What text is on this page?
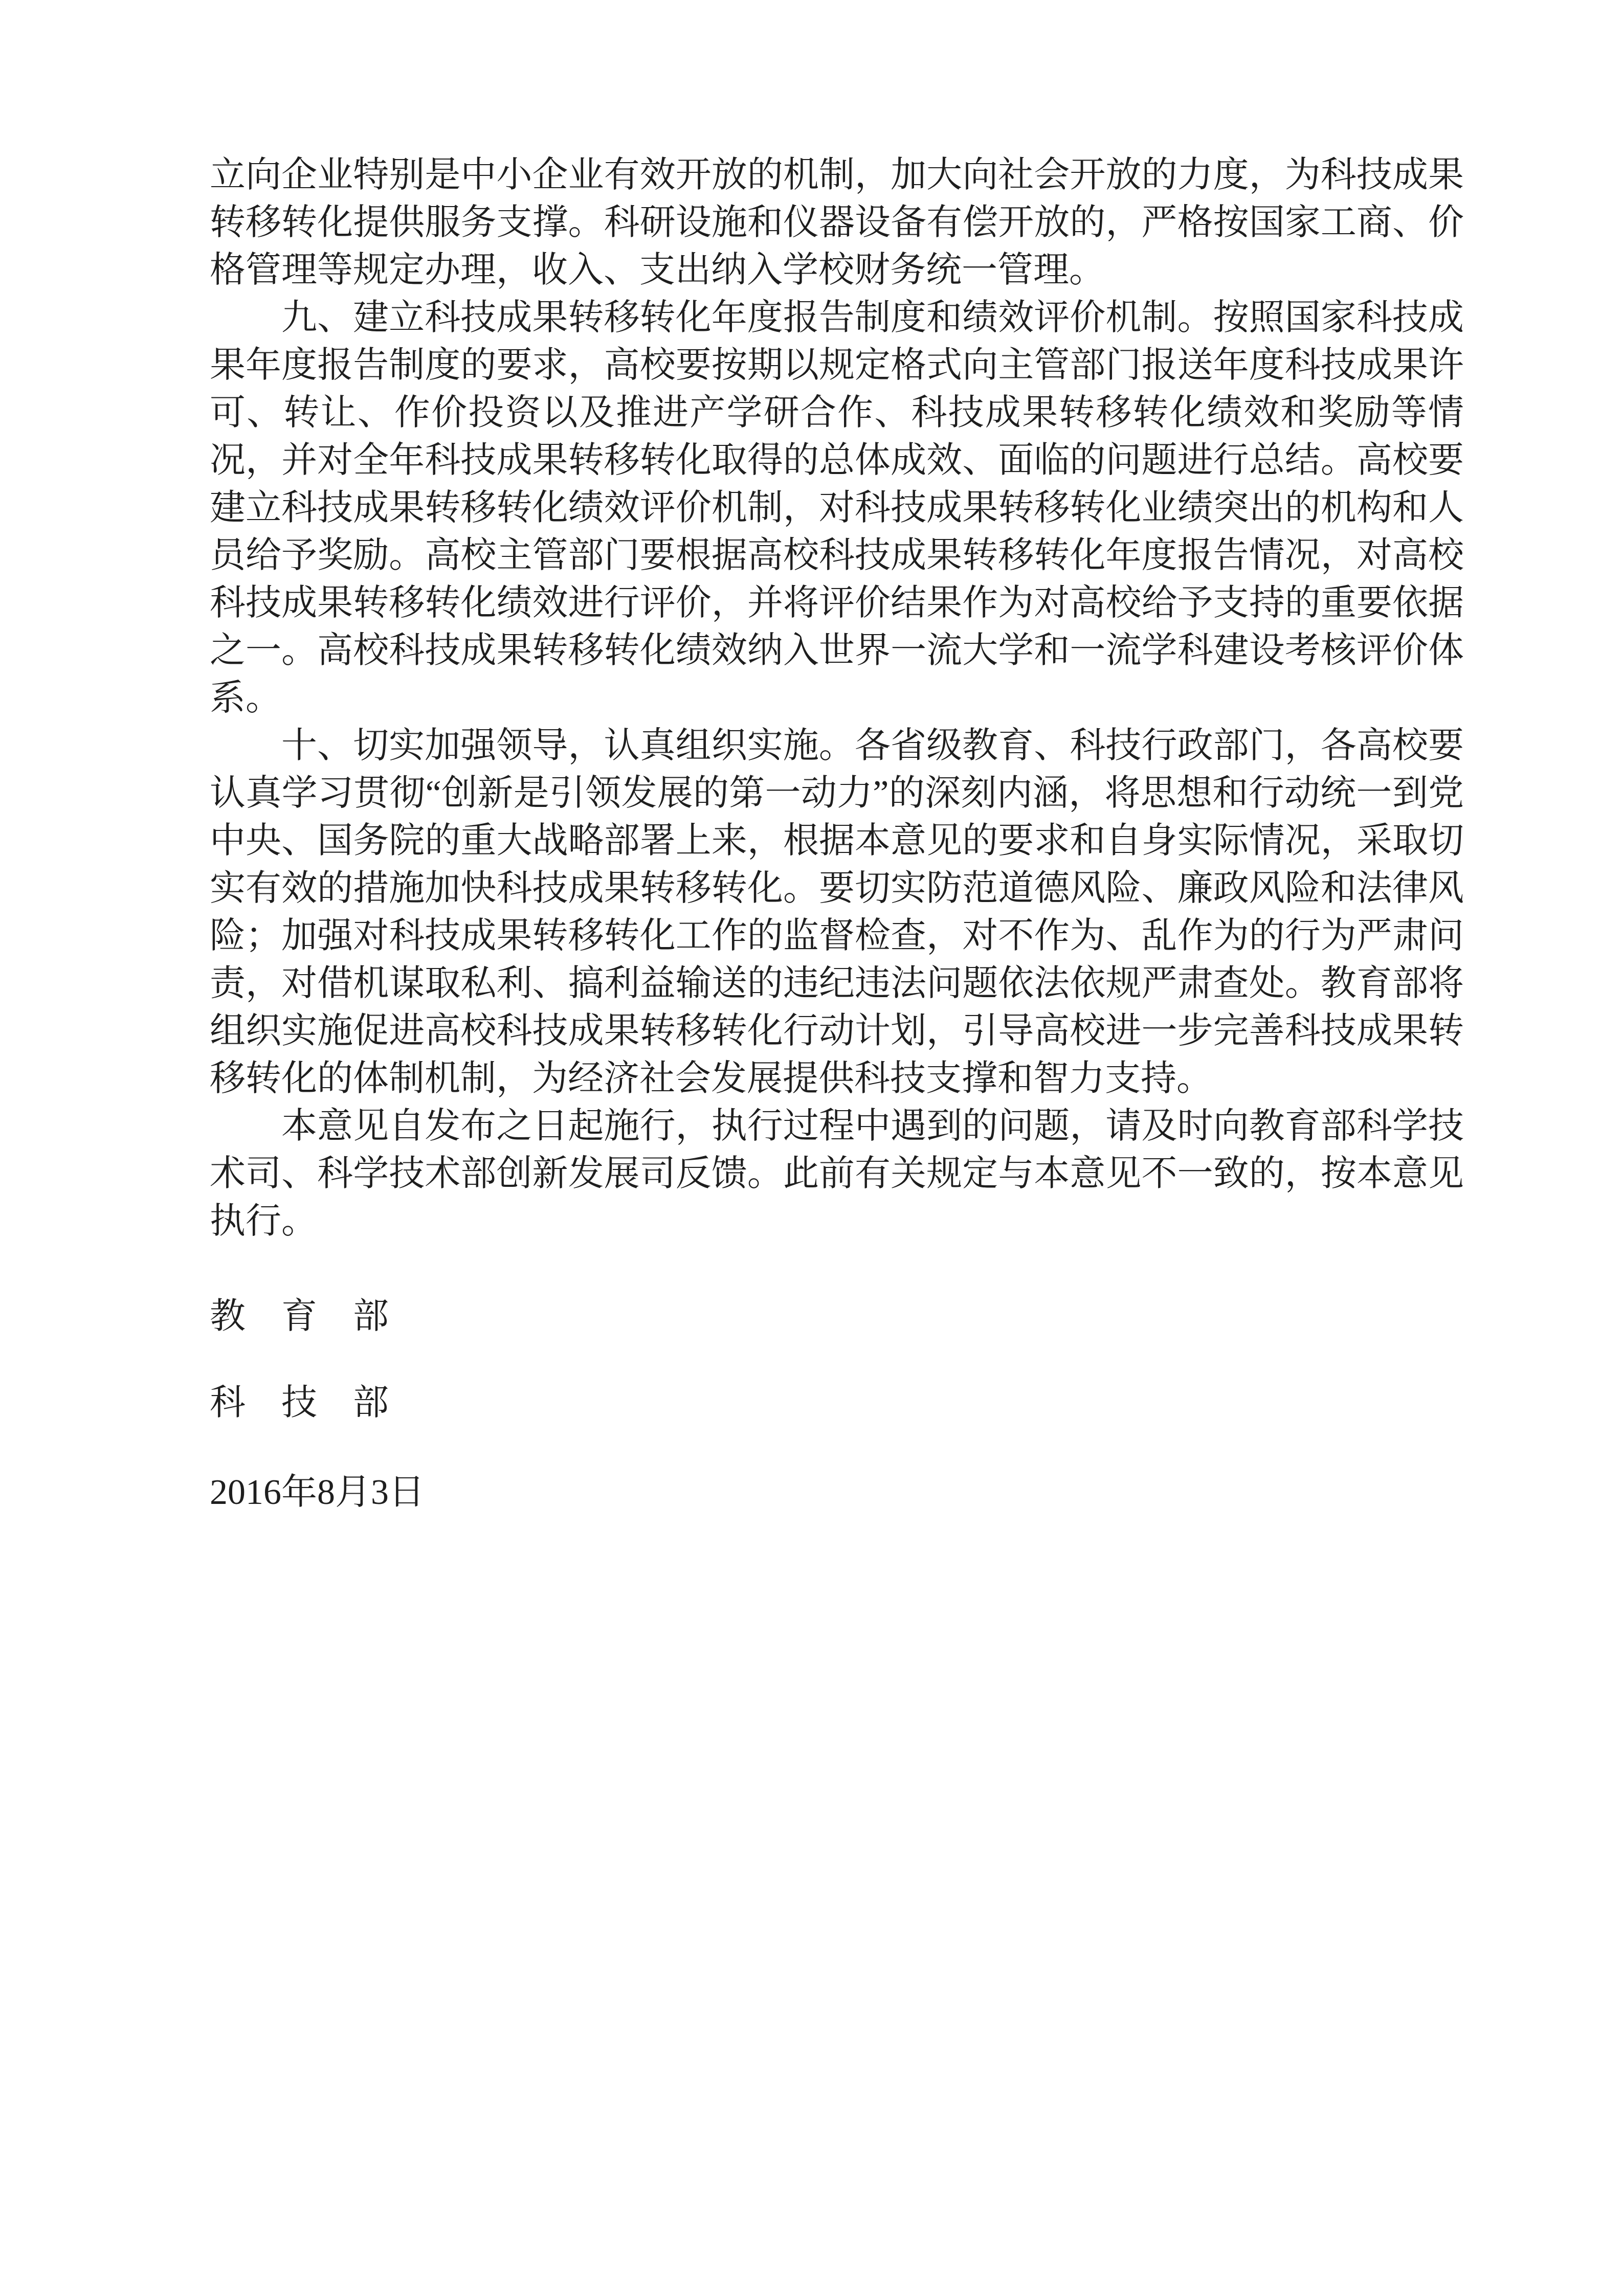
立向企业特别是中小企业有效开放的机制，加大向社会开放的力度，为科技成果转移转化提供服务支撑。科研设施和仪器设备有偿开放的，严格按国家工商、价格管理等规定办理，收入、支出纳入学校财务统一管理。

九、建立科技成果转移转化年度报告制度和绩效评价机制。按照国家科技成果年度报告制度的要求，高校要按期以规定格式向主管部门报送年度科技成果许可、转让、作价投资以及推进产学研合作、科技成果转移转化绩效和奖励等情况，并对全年科技成果转移转化取得的总体成效、面临的问题进行总结。高校要建立科技成果转移转化绩效评价机制，对科技成果转移转化业绩突出的机构和人员给予奖励。高校主管部门要根据高校科技成果转移转化年度报告情况，对高校科技成果转移转化绩效进行评价，并将评价结果作为对高校给予支持的重要依据之一。高校科技成果转移转化绩效纳入世界一流大学和一流学科建设考核评价体系。

十、切实加强领导，认真组织实施。各省级教育、科技行政部门，各高校要认真学习贯彻“创新是引领发展的第一动力”的深刻内涵，将思想和行动统一到党中央、国务院的重大战略部署上来，根据本意见的要求和自身实际情况，采取切实有效的措施加快科技成果转移转化。要切实防范道德风险、廉政风险和法律风险；加强对科技成果转移转化工作的监督检查，对不作为、乱作为的行为严肃问责，对借机谋取私利、搞利益输送的违纪违法问题依法依规严肃查处。教育部将组织实施促进高校科技成果转移转化行动计划，引导高校进一步完善科技成果转移转化的体制机制，为经济社会发展提供科技支撑和智力支持。

本意见自发布之日起施行，执行过程中遇到的问题，请及时向教育部科学技术司、科学技术部创新发展司反馈。此前有关规定与本意见不一致的，按本意见执行。

教　育　部

科　技　部

2016年8月3日
